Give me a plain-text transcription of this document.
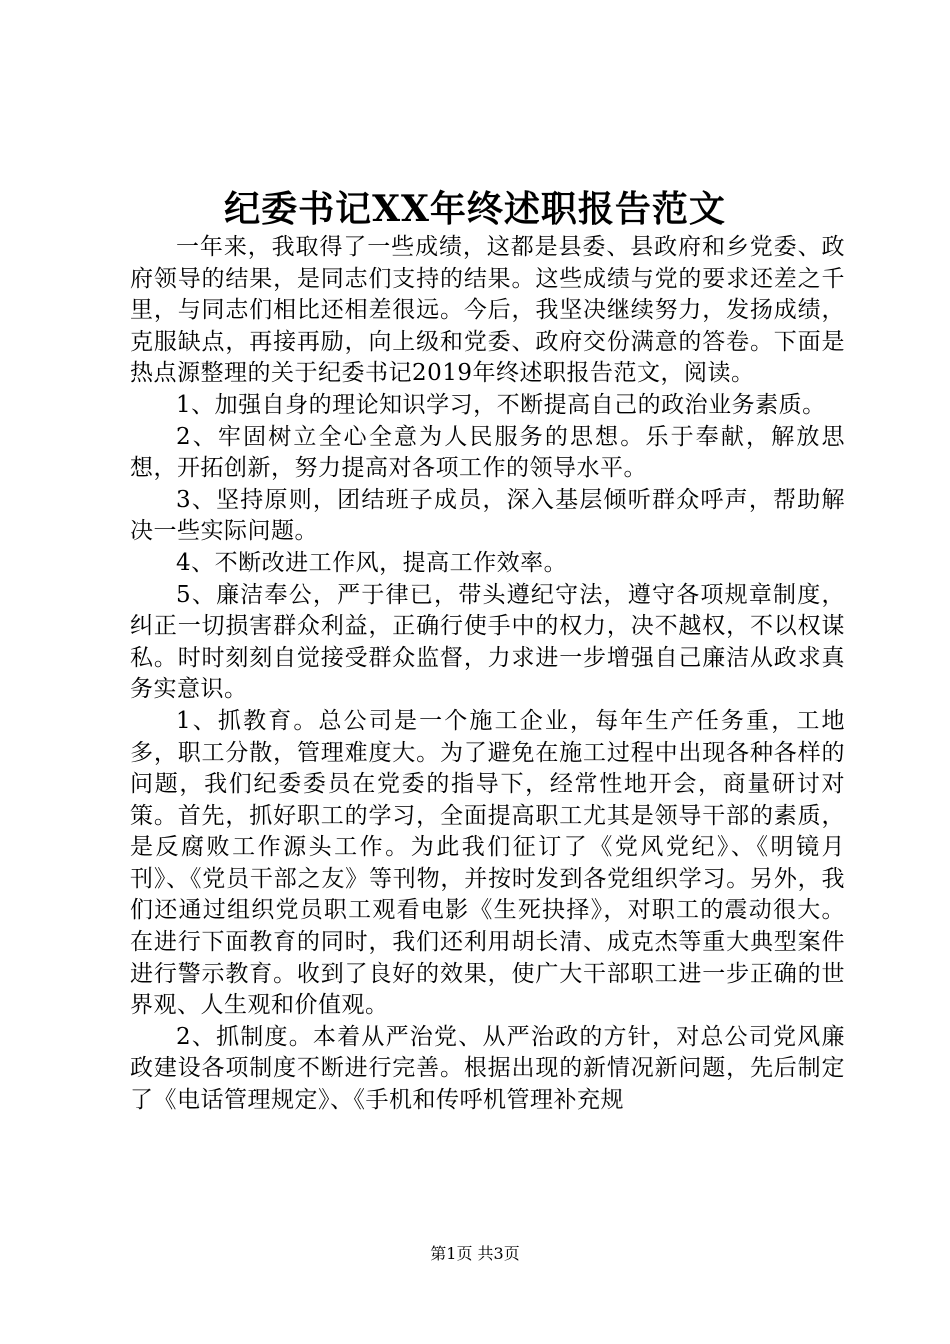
纪委书记XX年终述职报告范文

一年来，我取得了一些成绩，这都是县委、县政府和乡党委、政府领导的结果，是同志们支持的结果。这些成绩与党的要求还差之千里，与同志们相比还相差很远。今后，我坚决继续努力，发扬成绩，克服缺点，再接再励，向上级和党委、政府交份满意的答卷。下面是热点源整理的关于纪委书记2019年终述职报告范文，阅读。

1、加强自身的理论知识学习，不断提高自己的政治业务素质。

2、牢固树立全心全意为人民服务的思想。乐于奉献，解放思想，开拓创新，努力提高对各项工作的领导水平。

3、坚持原则，团结班子成员，深入基层倾听群众呼声，帮助解决一些实际问题。

4、不断改进工作风，提高工作效率。

5、廉洁奉公，严于律已，带头遵纪守法，遵守各项规章制度，纠正一切损害群众利益，正确行使手中的权力，决不越权，不以权谋私。时时刻刻自觉接受群众监督，力求进一步增强自己廉洁从政求真务实意识。

1、抓教育。总公司是一个施工企业，每年生产任务重，工地多，职工分散，管理难度大。为了避免在施工过程中出现各种各样的问题，我们纪委委员在党委的指导下，经常性地开会，商量研讨对策。首先，抓好职工的学习，全面提高职工尤其是领导干部的素质，是反腐败工作源头工作。为此我们征订了《党风党纪》、《明镜月刊》、《党员干部之友》等刊物，并按时发到各党组织学习。另外，我们还通过组织党员职工观看电影《生死抉择》，对职工的震动很大。在进行下面教育的同时，我们还利用胡长清、成克杰等重大典型案件进行警示教育。收到了良好的效果，使广大干部职工进一步正确的世界观、人生观和价值观。

2、抓制度。本着从严治党、从严治政的方针，对总公司党风廉政建设各项制度不断进行完善。根据出现的新情况新问题，先后制定了《电话管理规定》、《手机和传呼机管理补充规

第1页 共3页
